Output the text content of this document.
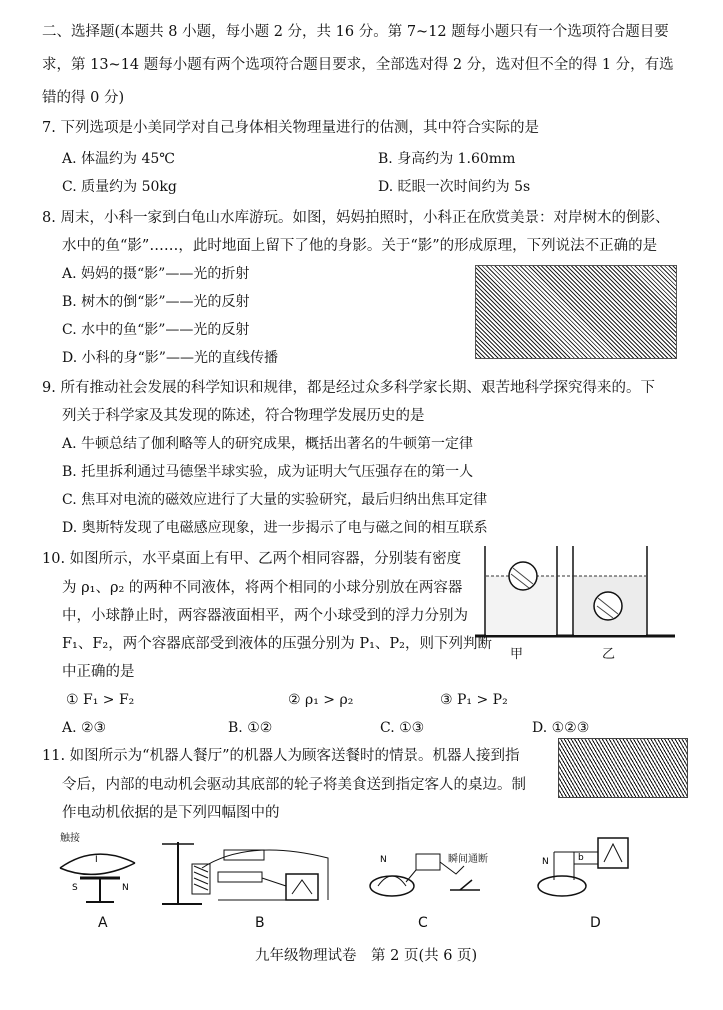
二、选择题(本题共 8 小题，每小题 2 分，共 16 分。第 7~12 题每小题只有一个选项符合题目要
求，第 13~14 题每小题有两个选项符合题目要求，全部选对得 2 分，选对但不全的得 1 分，有选
错的得 0 分)
7. 下列选项是小美同学对自己身体相关物理量进行的估测，其中符合实际的是
A. 体温约为 45℃	B. 身高约为 1.60mm
C. 质量约为 50kg	D. 眨眼一次时间约为 5s
8. 周末，小科一家到白龟山水库游玩。如图，妈妈拍照时，小科正在欣赏美景：对岸树木的倒影、
水中的鱼“影”……，此时地面上留下了他的身影。关于“影”的形成原理，下列说法不正确的是
A. 妈妈的摄“影”——光的折射
B. 树木的倒“影”——光的反射
C. 水中的鱼“影”——光的反射
D. 小科的身“影”——光的直线传播
9. 所有推动社会发展的科学知识和规律，都是经过众多科学家长期、艰苦地科学探究得来的。下
列关于科学家及其发现的陈述，符合物理学发展历史的是
A. 牛顿总结了伽利略等人的研究成果，概括出著名的牛顿第一定律
B. 托里拆利通过马德堡半球实验，成为证明大气压强存在的第一人
C. 焦耳对电流的磁效应进行了大量的实验研究，最后归纳出焦耳定律
D. 奥斯特发现了电磁感应现象，进一步揭示了电与磁之间的相互联系
10. 如图所示，水平桌面上有甲、乙两个相同容器，分别装有密度
为 ρ₁、ρ₂ 的两种不同液体，将两个相同的小球分别放在两容器
中，小球静止时，两容器液面相平，两个小球受到的浮力分别为
F₁、F₂，两个容器底部受到液体的压强分别为 P₁、P₂，则下列判断
中正确的是
甲	乙
① F₁ > F₂	② ρ₁ > ρ₂	③ P₁ > P₂
A. ②③	B. ①②	C. ①③	D. ①②③
11. 如图所示为“机器人餐厅”的机器人为顾客送餐时的情景。机器人接到指
令后，内部的电动机会驱动其底部的轮子将美食送到指定客人的桌边。制
作电动机依据的是下列四幅图中的
S	N
I
触接
N	瞬间通断	N	b
A	B	C	D
九年级物理试卷　第 2 页(共 6 页)
